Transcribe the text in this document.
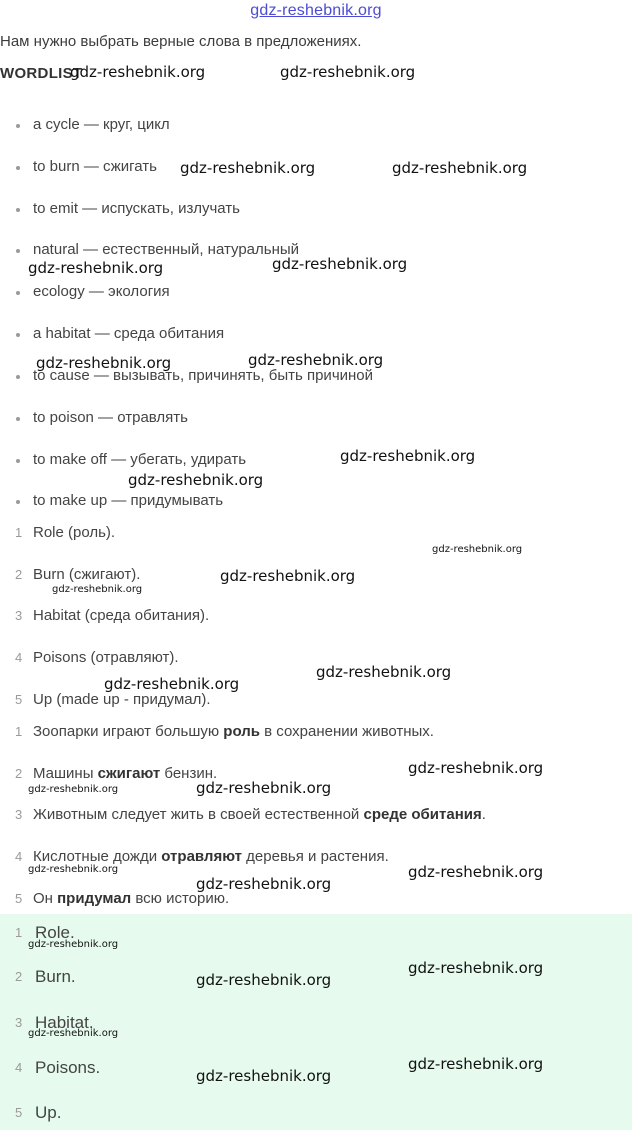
gdz-reshebnik.org
Нам нужно выбрать верные слова в предложениях.
WORDLIST
a cycle — круг, цикл
to burn — сжигать
to emit — испускать, излучать
natural — естественный, натуральный
ecology — экология
a habitat — среда обитания
to cause — вызывать, причинять, быть причиной
to poison — отравлять
to make off — убегать, удирать
to make up — придумывать
1 Role (роль).
2 Burn (сжигают).
3 Habitat (среда обитания).
4 Poisons (отравляют).
5 Up (made up - придумал).
1 Зоопарки играют большую роль в сохранении животных.
2 Машины сжигают бензин.
3 Животным следует жить в своей естественной среде обитания.
4 Кислотные дожди отравляют деревья и растения.
5 Он придумал всю историю.
1 Role.
2 Burn.
3 Habitat.
4 Poisons.
5 Up.
gdz-reshebnik.org	gdz-reshebnik.org
gdz-reshebnik.org	gdz-reshebnik.org
gdz-reshebnik.org	gdz-reshebnik.org
gdz-reshebnik.org	gdz-reshebnik.org
gdz-reshebnik.org
gdz-reshebnik.org
gdz-reshebnik.org
gdz-reshebnik.org
gdz-reshebnik.org
gdz-reshebnik.org
gdz-reshebnik.org
gdz-reshebnik.org
gdz-reshebnik.org
gdz-reshebnik.org
gdz-reshebnik.org	gdz-reshebnik.org
gdz-reshebnik.org
gdz-reshebnik.org
gdz-reshebnik.org
gdz-reshebnik.org
gdz-reshebnik.org
gdz-reshebnik.org
gdz-reshebnik.org
